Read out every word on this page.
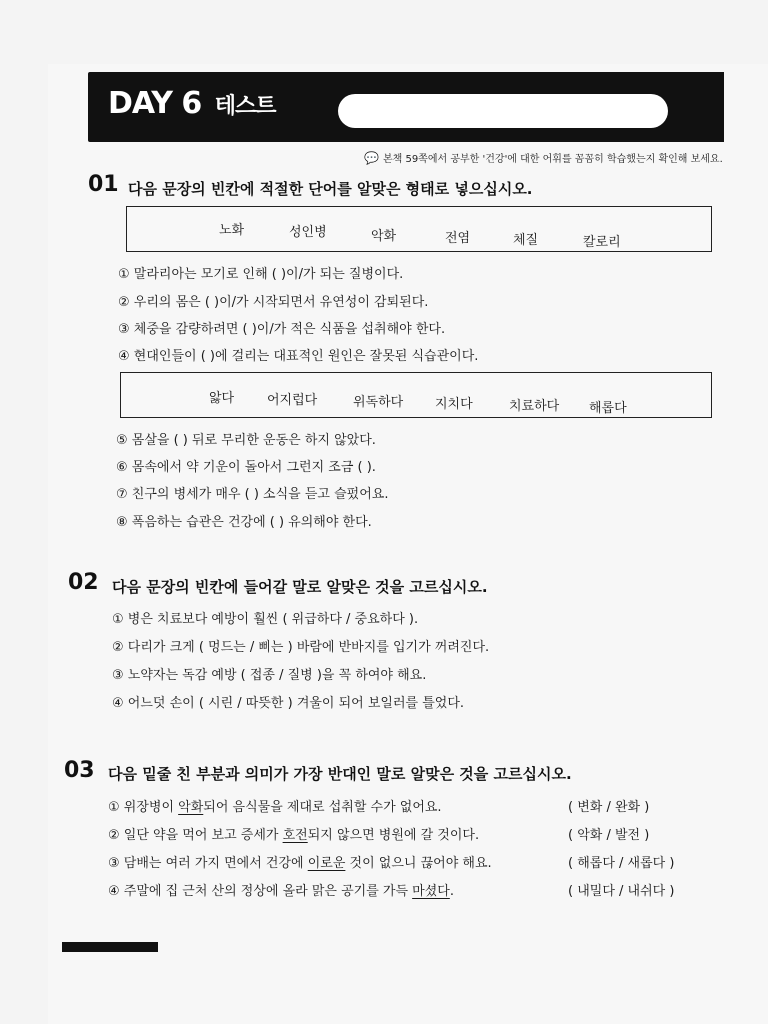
DAY 6 테스트
💬 본책 59쪽에서 공부한 '건강'에 대한 어휘를 꼼꼼히 학습했는지 확인해 보세요.
01 다음 문장의 빈칸에 적절한 단어를 알맞은 형태로 넣으십시오.
노화	성인병	악화	전염	체질	칼로리
① 말라리아는 모기로 인해 ( )이/가 되는 질병이다.
② 우리의 몸은 ( )이/가 시작되면서 유연성이 감퇴된다.
③ 체중을 감량하려면 ( )이/가 적은 식품을 섭취해야 한다.
④ 현대인들이 ( )에 걸리는 대표적인 원인은 잘못된 식습관이다.
앓다	어지럽다	위독하다 지치다	치료하다 해롭다
⑤ 몸살을 ( ) 뒤로 무리한 운동은 하지 않았다.
⑥ 몸속에서 약 기운이 돌아서 그런지 조금 ( ).
⑦ 친구의 병세가 매우 ( ) 소식을 듣고 슬펐어요.
⑧ 폭음하는 습관은 건강에 ( ) 유의해야 한다.
02 다음 문장의 빈칸에 들어갈 말로 알맞은 것을 고르십시오.
① 병은 치료보다 예방이 훨씬 ( 위급하다 / 중요하다 ).
② 다리가 크게 ( 멍드는 / 삐는 ) 바람에 반바지를 입기가 꺼려진다.
③ 노약자는 독감 예방 ( 접종 / 질병 )을 꼭 하여야 해요.
④ 어느덧 손이 ( 시린 / 따뜻한 ) 겨울이 되어 보일러를 틀었다.
03 다음 밑줄 친 부분과 의미가 가장 반대인 말로 알맞은 것을 고르십시오.
① 위장병이 악화되어 음식물을 제대로 섭취할 수가 없어요.	( 변화 / 완화 )
② 일단 약을 먹어 보고 증세가 호전되지 않으면 병원에 갈 것이다.	( 악화 / 발전 )
③ 담배는 여러 가지 면에서 건강에 이로운 것이 없으니 끊어야 해요.	( 해롭다 / 새롭다 )
④ 주말에 집 근처 산의 정상에 올라 맑은 공기를 가득 마셨다.	( 내밀다 / 내쉬다 )
